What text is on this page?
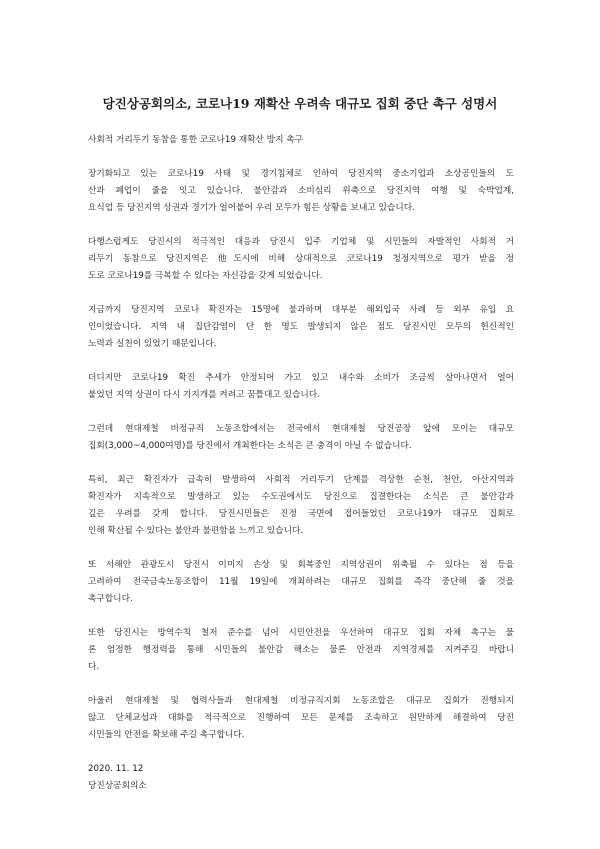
당진상공회의소, 코로나19 재확산 우려속 대규모 집회 중단 촉구 성명서

사회적 거리두기 동참을 통한 코로나19 재확산 방지 촉구

장기화되고 있는 코로나19 사태 및 경기침체로 인하여 당진지역 중소기업과 소상공인들의 도
산과 폐업이 줄을 잇고 있습니다. 불안감과 소비심리 위축으로 당진지역 여행 및 숙박업계,
요식업 등 당진지역 상권과 경기가 얼어붙어 우리 모두가 힘든 상황을 보내고 있습니다.

다행스럽게도 당진시의 적극적인 대응과 당진시 입주 기업체 및 시민들의 자발적인 사회적 거
리두기 동참으로 당진지역은 他도시에 비해 상대적으로 코로나19 청정지역으로 평가 받을 정
도로 코로나19를 극복할 수 있다는 자신감을 갖게 되었습니다.

지금까지 당진지역 코로나 확진자는 15명에 불과하며 대부분 해외입국 사례 등 외부 유입 요
인이었습니다. 지역 내 집단감염이 단 한 명도 발생되지 않은 점도 당진시민 모두의 헌신적인
노력과 실천이 있었기 때문입니다.

더디지만 코로나19 확진 추세가 안정되어 가고 있고 내수와 소비가 조금씩 살아나면서 얼어
붙었던 지역 상권이 다시 기지개를 켜려고 꿈틀대고 있습니다.

그런데 현대제철 비정규직 노동조합에서는 전국에서 현대제철 당진공장 앞에 모이는 대규모
집회(3,000~4,000여명)를 당진에서 개최한다는 소식은 큰 충격이 아닐 수 없습니다.

특히, 최근 확진자가 급속히 발생하여 사회적 거리두기 단계를 격상한 순천, 천안, 아산지역과
확진자가 지속적으로 발생하고 있는 수도권에서도 당진으로 집결한다는 소식은 큰 불안감과
깊은 우려를 갖게 합니다. 당진시민들은 진정 국면에 접어들었던 코로나19가 대규모 집회로
인해 확산될 수 있다는 불안과 불편함을 느끼고 있습니다.

또 서해안 관광도시 당진시 이미지 손상 및 회복중인 지역상권이 위축될 수 있다는 점 등을
고려하여 전국금속노동조합이 11월 19일에 개최하려는 대규모 집회를 즉각 중단해 줄 것을
촉구합니다.

또한 당진시는 방역수칙 철저 준수를 넘어 시민안전을 우선하여 대규모 집회 자체 촉구는 물
론 엄정한 행정력을 통해 시민들의 불안감 해소는 물론 안전과 지역경제를 지켜주길 바랍니
다.

아울러 현대제철 및 협력사들과 현대제철 비정규직지회 노동조합은 대규모 집회가 진행되지
않고 단체교섭과 대화를 적극적으로 진행하여 모든 문제를 조속하고 원만하게 해결하여 당진
시민들의 안전을 확보해 주길 촉구합니다.

2020. 11. 12

당진상공회의소
